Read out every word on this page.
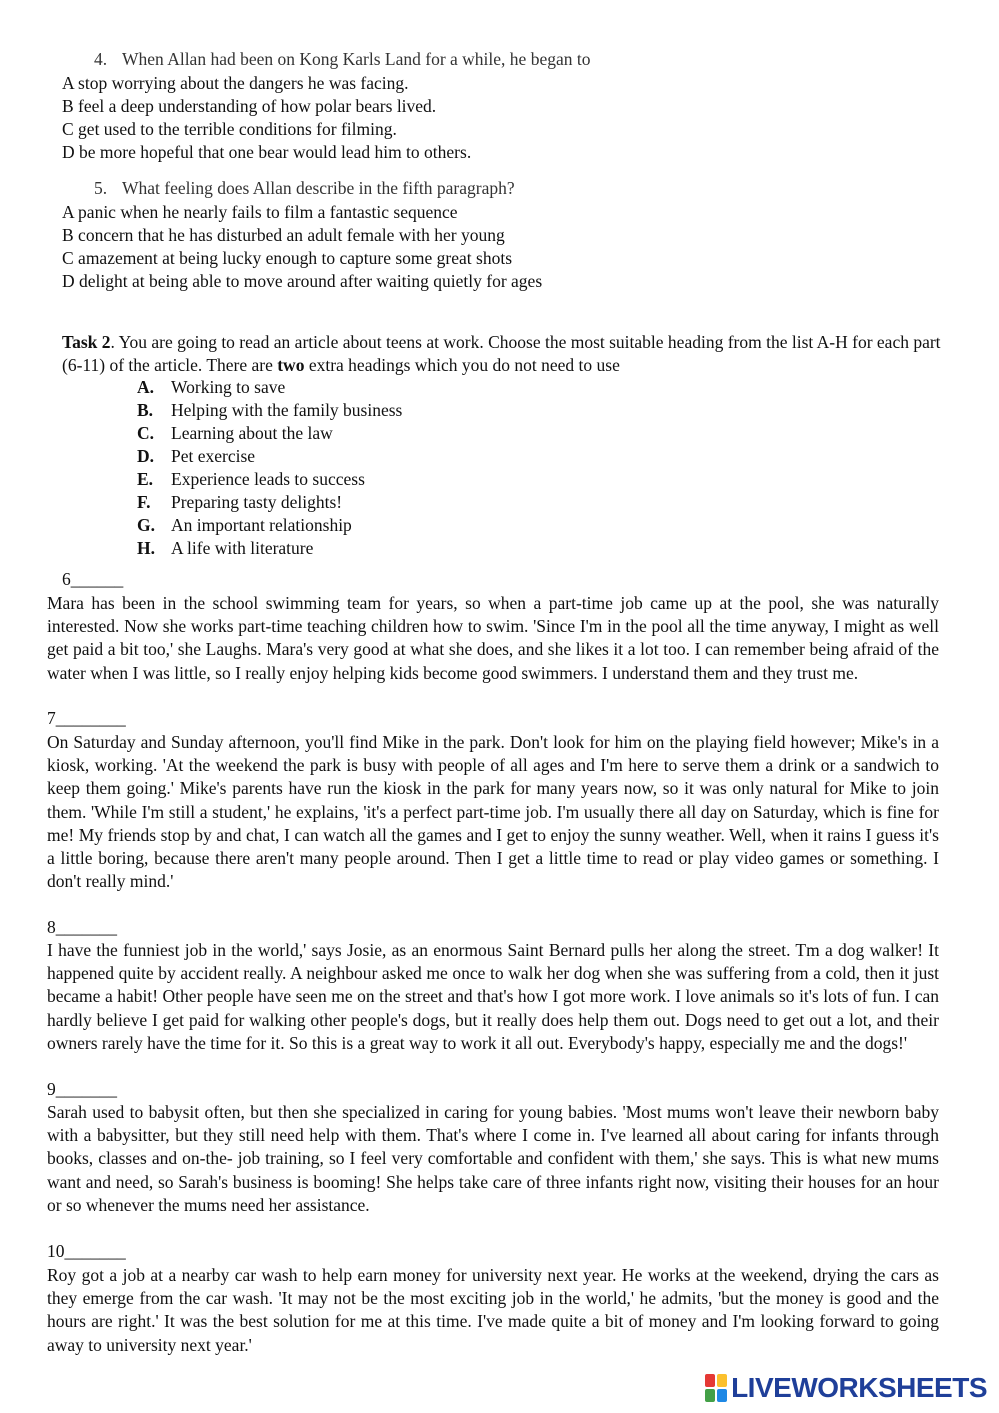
4. When Allan had been on Kong Karls Land for a while, he began to
A stop worrying about the dangers he was facing.
B feel a deep understanding of how polar bears lived.
C get used to the terrible conditions for filming.
D be more hopeful that one bear would lead him to others.
5. What feeling does Allan describe in the fifth paragraph?
A panic when he nearly fails to film a fantastic sequence
B concern that he has disturbed an adult female with her young
C amazement at being lucky enough to capture some great shots
D delight at being able to move around after waiting quietly for ages
Task 2. You are going to read an article about teens at work. Choose the most suitable heading from the list A-H for each part (6-11) of the article. There are two extra headings which you do not need to use
A. Working to save
B. Helping with the family business
C. Learning about the law
D. Pet exercise
E. Experience leads to success
F. Preparing tasty delights!
G. An important relationship
H. A life with literature
6______
Mara has been in the school swimming team for years, so when a part-time job came up at the pool, she was naturally interested. Now she works part-time teaching children how to swim. 'Since I'm in the pool all the time anyway, I might as well get paid a bit too,' she Laughs. Mara's very good at what she does, and she likes it a lot too. I can remember being afraid of the water when I was little, so I really enjoy helping kids become good swimmers. I understand them and they trust me.
7________
On Saturday and Sunday afternoon, you'll find Mike in the park. Don't look for him on the playing field however; Mike's in a kiosk, working. 'At the weekend the park is busy with people of all ages and I'm here to serve them a drink or a sandwich to keep them going.' Mike's parents have run the kiosk in the park for many years now, so it was only natural for Mike to join them. 'While I'm still a student,' he explains, 'it's a perfect part-time job. I'm usually there all day on Saturday, which is fine for me! My friends stop by and chat, I can watch all the games and I get to enjoy the sunny weather. Well, when it rains I guess it's a little boring, because there aren't many people around. Then I get a little time to read or play video games or something. I don't really mind.'
8_______
I have the funniest job in the world,' says Josie, as an enormous Saint Bernard pulls her along the street. Tm a dog walker! It happened quite by accident really. A neighbour asked me once to walk her dog when she was suffering from a cold, then it just became a habit! Other people have seen me on the street and that's how I got more work. I love animals so it's lots of fun. I can hardly believe I get paid for walking other people's dogs, but it really does help them out. Dogs need to get out a lot, and their owners rarely have the time for it. So this is a great way to work it all out. Everybody's happy, especially me and the dogs!'
9_______
Sarah used to babysit often, but then she specialized in caring for young babies. 'Most mums won't leave their newborn baby with a babysitter, but they still need help with them. That's where I come in. I've learned all about caring for infants through books, classes and on-the- job training, so I feel very comfortable and confident with them,' she says. This is what new mums want and need, so Sarah's business is booming! She helps take care of three infants right now, visiting their houses for an hour or so whenever the mums need her assistance.
10_______
Roy got a job at a nearby car wash to help earn money for university next year. He works at the weekend, drying the cars as they emerge from the car wash. 'It may not be the most exciting job in the world,' he admits, 'but the money is good and the hours are right.' It was the best solution for me at this time. I've made quite a bit of money and I'm looking forward to going away to university next year.'
LIVEWORKSHEETS
